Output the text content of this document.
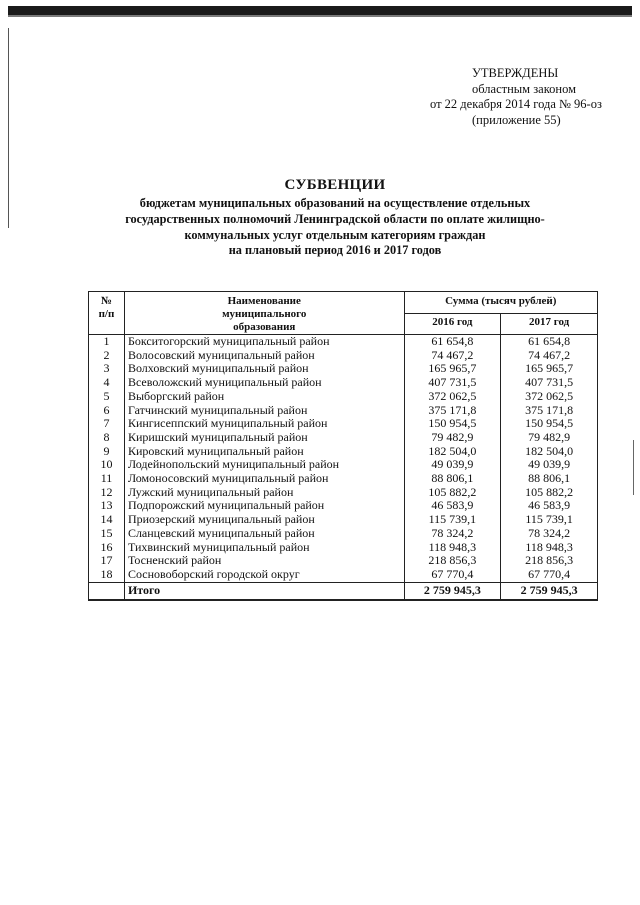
УТВЕРЖДЕНЫ
областным законом
от 22 декабря 2014 года № 96-оз
(приложение 55)
СУБВЕНЦИИ
бюджетам муниципальных образований на осуществление отдельных
государственных полномочий Ленинградской области по оплате жилищно-
коммунальных услуг отдельным категориям граждан
на плановый период 2016 и 2017 годов
№ п/п	Наименование муниципального образования	Сумма (тысяч рублей)	
		2016 год	2017 год
1	Бокситогорский муниципальный район	61 654,8	61 654,8
2	Волосовский муниципальный район	74 467,2	74 467,2
3	Волховский муниципальный район	165 965,7	165 965,7
4	Всеволожский муниципальный район	407 731,5	407 731,5
5	Выборгский район	372 062,5	372 062,5
6	Гатчинский муниципальный район	375 171,8	375 171,8
7	Кингисеппский муниципальный район	150 954,5	150 954,5
8	Киришский муниципальный район	79 482,9	79 482,9
9	Кировский муниципальный район	182 504,0	182 504,0
10	Лодейнопольский муниципальный район	49 039,9	49 039,9
11	Ломоносовский муниципальный район	88 806,1	88 806,1
12	Лужский муниципальный район	105 882,2	105 882,2
13	Подпорожский муниципальный район	46 583,9	46 583,9
14	Приозерский муниципальный район	115 739,1	115 739,1
15	Сланцевский муниципальный район	78 324,2	78 324,2
16	Тихвинский муниципальный район	118 948,3	118 948,3
17	Тосненский район	218 856,3	218 856,3
18	Сосновоборский городской округ	67 770,4	67 770,4
	Итого	2 759 945,3	2 759 945,3
